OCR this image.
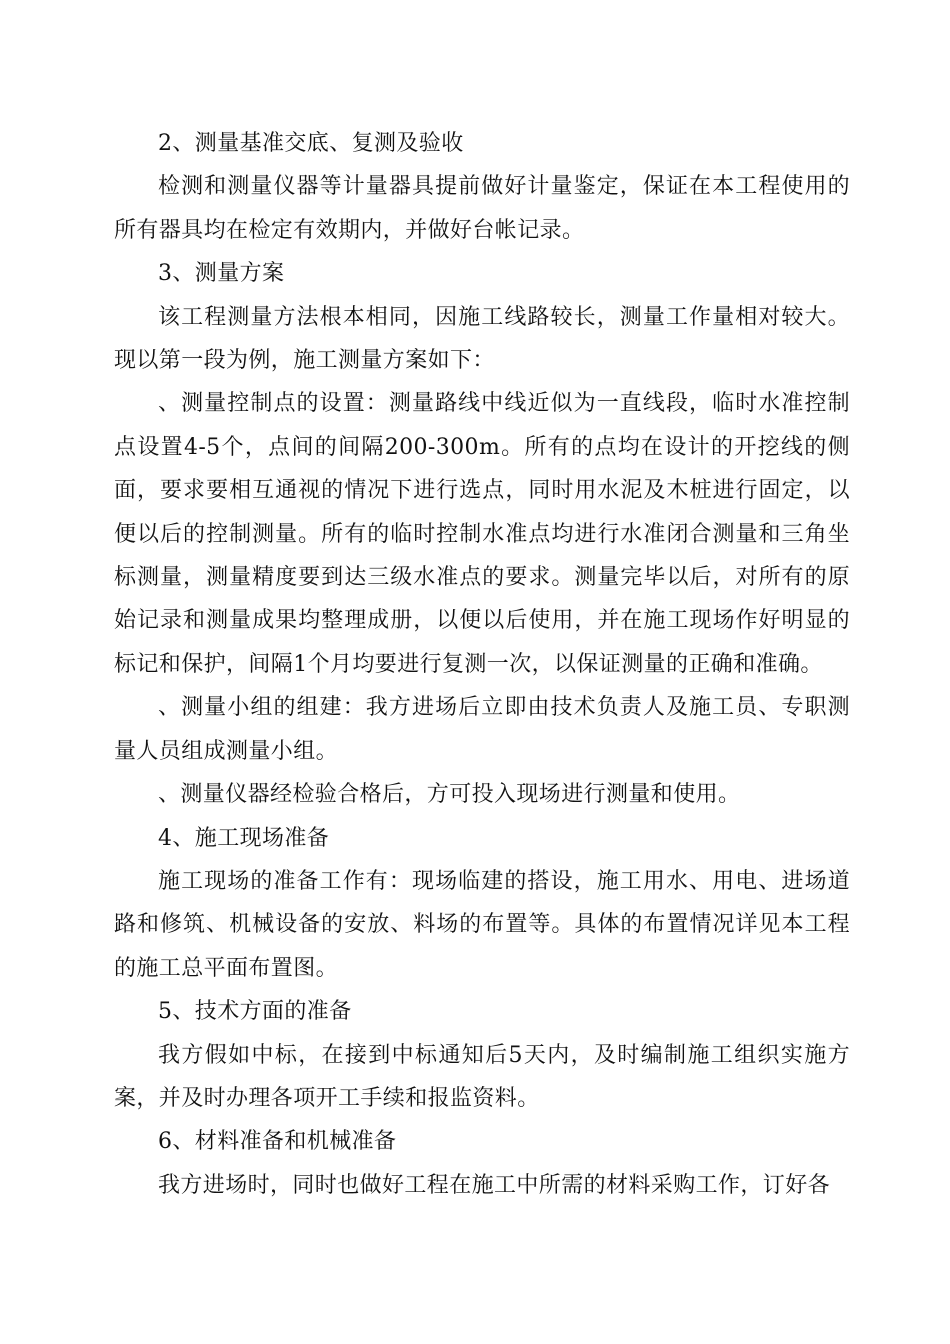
2、测量基准交底、复测及验收

检测和测量仪器等计量器具提前做好计量鉴定，保证在本工程使用的所有器具均在检定有效期内，并做好台帐记录。

3、测量方案

该工程测量方法根本相同，因施工线路较长，测量工作量相对较大。现以第一段为例，施工测量方案如下：

、测量控制点的设置：测量路线中线近似为一直线段，临时水准控制点设置4-5个，点间的间隔200-300m。所有的点均在设计的开挖线的侧面，要求要相互通视的情况下进行选点，同时用水泥及木桩进行固定，以便以后的控制测量。所有的临时控制水准点均进行水准闭合测量和三角坐标测量，测量精度要到达三级水准点的要求。测量完毕以后，对所有的原始记录和测量成果均整理成册，以便以后使用，并在施工现场作好明显的标记和保护，间隔1个月均要进行复测一次，以保证测量的正确和准确。

、测量小组的组建：我方进场后立即由技术负责人及施工员、专职测量人员组成测量小组。

、测量仪器经检验合格后，方可投入现场进行测量和使用。

4、施工现场准备

施工现场的准备工作有：现场临建的搭设，施工用水、用电、进场道路和修筑、机械设备的安放、料场的布置等。具体的布置情况详见本工程的施工总平面布置图。

5、技术方面的准备

我方假如中标，在接到中标通知后5天内，及时编制施工组织实施方案，并及时办理各项开工手续和报监资料。

6、材料准备和机械准备

我方进场时，同时也做好工程在施工中所需的材料采购工作，订好各
